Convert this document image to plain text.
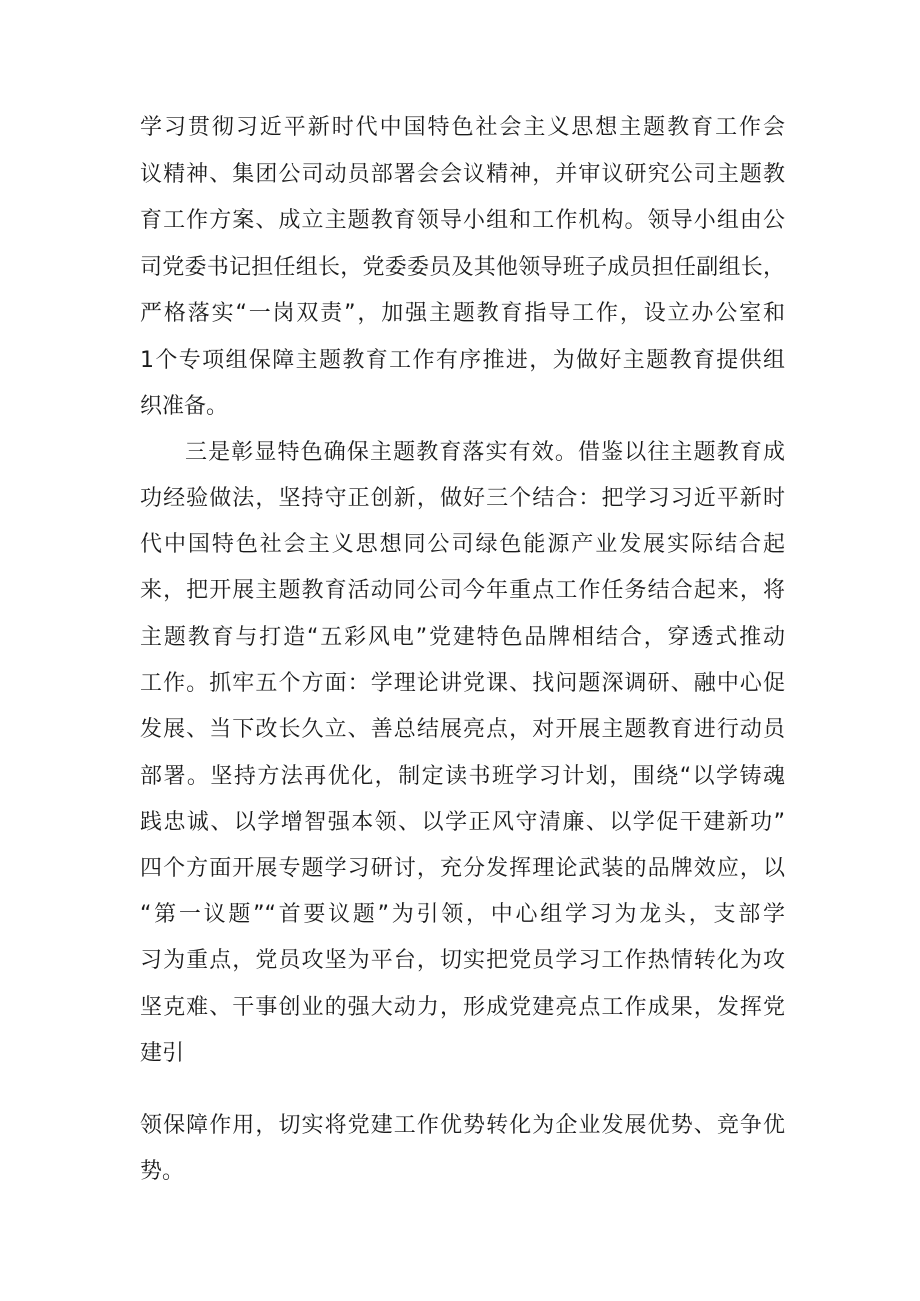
学习贯彻习近平新时代中国特色社会主义思想主题教育工作会
议精神、集团公司动员部署会会议精神，并审议研究公司主题教
育工作方案、成立主题教育领导小组和工作机构。领导小组由公
司党委书记担任组长，党委委员及其他领导班子成员担任副组长，
严格落实“一岗双责”，加强主题教育指导工作，设立办公室和
1个专项组保障主题教育工作有序推进，为做好主题教育提供组
织准备。
三是彰显特色确保主题教育落实有效。借鉴以往主题教育成
功经验做法，坚持守正创新，做好三个结合：把学习习近平新时
代中国特色社会主义思想同公司绿色能源产业发展实际结合起
来，把开展主题教育活动同公司今年重点工作任务结合起来，将
主题教育与打造“五彩风电”党建特色品牌相结合，穿透式推动
工作。抓牢五个方面：学理论讲党课、找问题深调研、融中心促
发展、当下改长久立、善总结展亮点，对开展主题教育进行动员
部署。坚持方法再优化，制定读书班学习计划，围绕“以学铸魂
践忠诚、以学增智强本领、以学正风守清廉、以学促干建新功”
四个方面开展专题学习研讨，充分发挥理论武装的品牌效应，以
“第一议题”“首要议题”为引领，中心组学习为龙头，支部学
习为重点，党员攻坚为平台，切实把党员学习工作热情转化为攻
坚克难、干事创业的强大动力，形成党建亮点工作成果，发挥党
建引
领保障作用，切实将党建工作优势转化为企业发展优势、竞争优
势。
